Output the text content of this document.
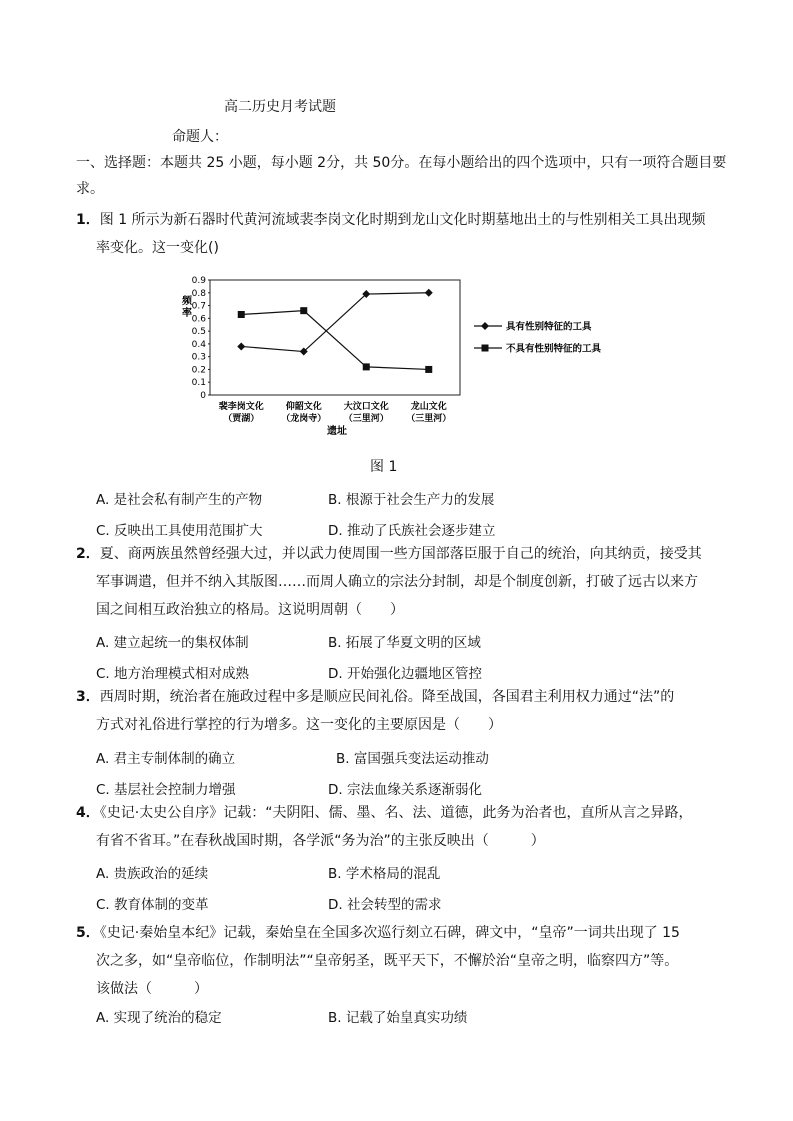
高二历史月考试题
命题人：
一、选择题：本题共 25 小题，每小题 2分，共 50分。在每小题给出的四个选项中，只有一项符合题目要求。
1．图 1 所示为新石器时代黄河流域裴李岗文化时期到龙山文化时期墓地出土的与性别相关工具出现频
率变化。这一变化()
频率
0
0.1
0.2
0.3
0.4
0.5
0.6
0.7
0.8
0.9
裴李岗文化
（贾湖）
仰韶文化
（龙岗寺）
大汶口文化
（三里河）
龙山文化
（三里河）
具有性别特征的工具
不具有性别特征的工具
遗址
图 1
A. 是社会私有制产生的产物	B. 根源于社会生产力的发展
C. 反映出工具使用范围扩大	D. 推动了氏族社会逐步建立
2．夏、商两族虽然曾经强大过，并以武力使周围一些方国部落臣服于自己的统治，向其纳贡，接受其
军事调遣，但并不纳入其版图……而周人确立的宗法分封制，却是个制度创新，打破了远古以来方
国之间相互政治独立的格局。这说明周朝（　　）
A. 建立起统一的集权体制	B. 拓展了华夏文明的区域
C. 地方治理模式相对成熟	D. 开始强化边疆地区管控
3．西周时期，统治者在施政过程中多是顺应民间礼俗。降至战国，各国君主利用权力通过“法”的
方式对礼俗进行掌控的行为增多。这一变化的主要原因是（　　）
A. 君主专制体制的确立	B. 富国强兵变法运动推动
C. 基层社会控制力增强	D. 宗法血缘关系逐渐弱化
4．《史记·太史公自序》记载：“夫阴阳、儒、墨、名、法、道德，此务为治者也，直所从言之异路，
有省不省耳。”在春秋战国时期，各学派“务为治”的主张反映出（　　　）
A. 贵族政治的延续	B. 学术格局的混乱
C. 教育体制的变革	D. 社会转型的需求
5．《史记·秦始皇本纪》记载，秦始皇在全国多次巡行刻立石碑，碑文中，“皇帝”一词共出现了 15
次之多，如“皇帝临位，作制明法”“皇帝躬圣，既平天下，不懈於治“皇帝之明，临察四方”等。
该做法（　　　）
A. 实现了统治的稳定	B. 记载了始皇真实功绩
